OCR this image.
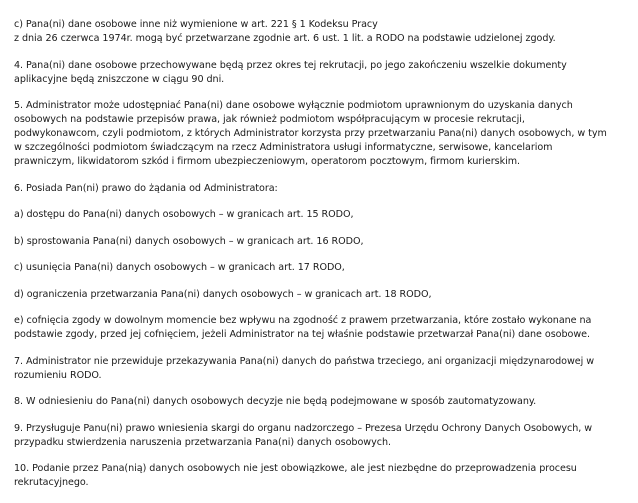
c) Pana(ni) dane osobowe inne niż wymienione w art. 221 § 1 Kodeksu Pracy
z dnia 26 czerwca 1974r. mogą być przetwarzane zgodnie art. 6 ust. 1 lit. a RODO na podstawie udzielonej zgody.

4. Pana(ni) dane osobowe przechowywane będą przez okres tej rekrutacji, po jego zakończeniu wszelkie dokumenty
aplikacyjne będą zniszczone w ciągu 90 dni.

5. Administrator może udostępniać Pana(ni) dane osobowe wyłącznie podmiotom uprawnionym do uzyskania danych
osobowych na podstawie przepisów prawa, jak również podmiotom współpracującym w procesie rekrutacji,
podwykonawcom, czyli podmiotom, z których Administrator korzysta przy przetwarzaniu Pana(ni) danych osobowych, w tym
w szczególności podmiotom świadczącym na rzecz Administratora usługi informatyczne, serwisowe, kancelariom
prawniczym, likwidatorom szkód i firmom ubezpieczeniowym, operatorom pocztowym, firmom kurierskim.

6. Posiada Pan(ni) prawo do żądania od Administratora:

a) dostępu do Pana(ni) danych osobowych – w granicach art. 15 RODO,

b) sprostowania Pana(ni) danych osobowych – w granicach art. 16 RODO,

c) usunięcia Pana(ni) danych osobowych – w granicach art. 17 RODO,

d) ograniczenia przetwarzania Pana(ni) danych osobowych – w granicach art. 18 RODO,

e) cofnięcia zgody w dowolnym momencie bez wpływu na zgodność z prawem przetwarzania, które zostało wykonane na
podstawie zgody, przed jej cofnięciem, jeżeli Administrator na tej właśnie podstawie przetwarzał Pana(ni) dane osobowe.

7. Administrator nie przewiduje przekazywania Pana(ni) danych do państwa trzeciego, ani organizacji międzynarodowej w
rozumieniu RODO.

8. W odniesieniu do Pana(ni) danych osobowych decyzje nie będą podejmowane w sposób zautomatyzowany.

9. Przysługuje Panu(ni) prawo wniesienia skargi do organu nadzorczego – Prezesa Urzędu Ochrony Danych Osobowych, w
przypadku stwierdzenia naruszenia przetwarzania Pana(ni) danych osobowych.

10. Podanie przez Pana(nią) danych osobowych nie jest obowiązkowe, ale jest niezbędne do przeprowadzenia procesu
rekrutacyjnego.
